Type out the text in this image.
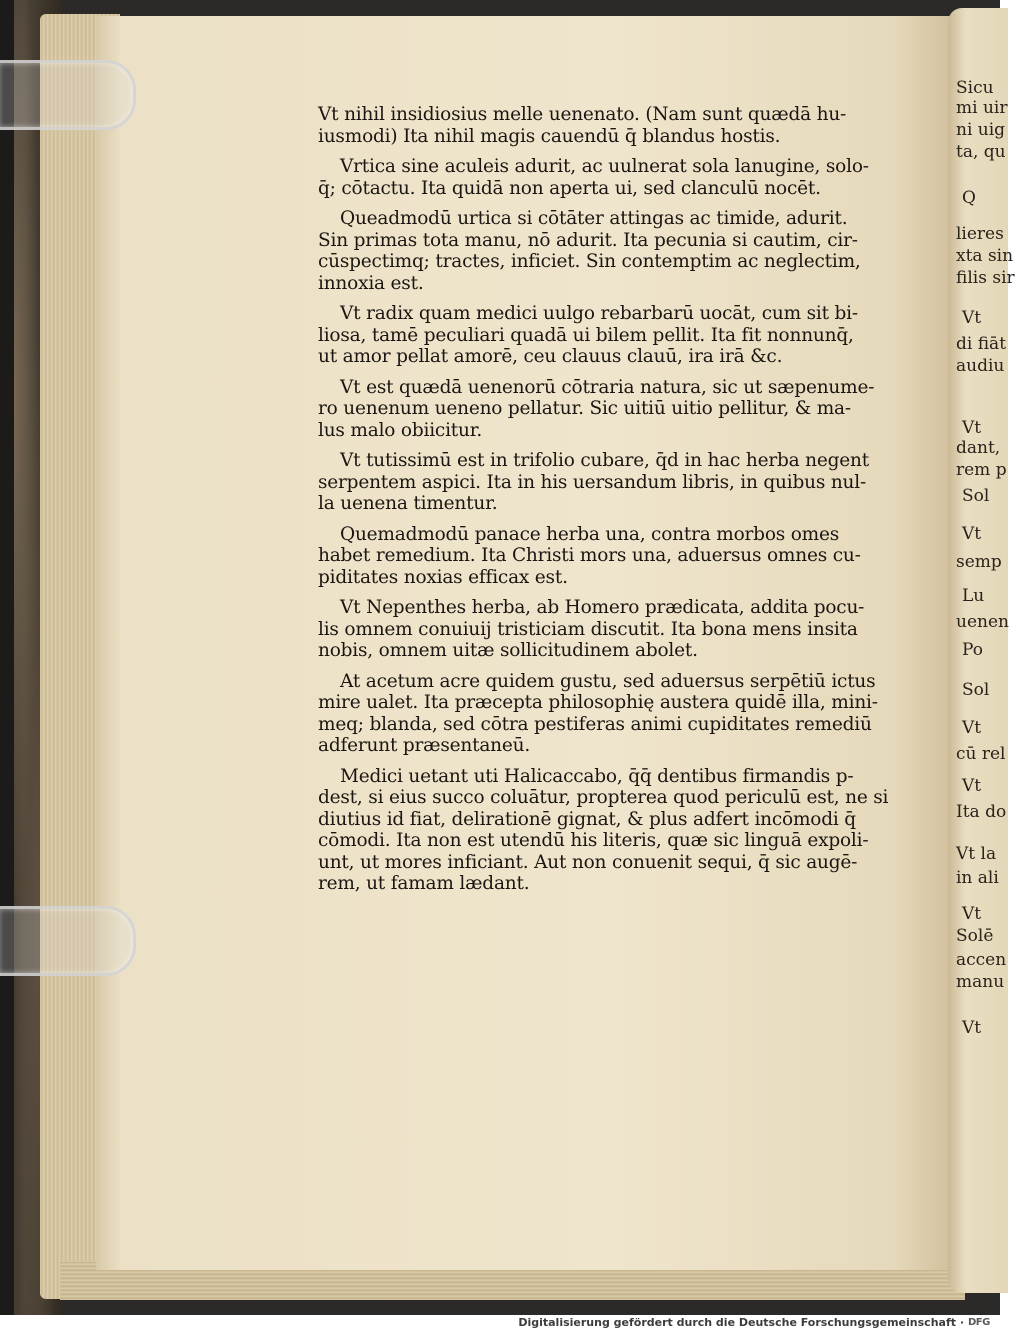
Sicu
mi uir
ni uig
ta, qu
Q
lieres
xta sin
filis sir
Vt
di fiāt
audiu
Vt
dant,
rem p
Sol
Vt
semp
Lu
uenen
Po
Sol
Vt
cū rel
Vt
Ita do
Vt la
in ali
Vt
Solē
accen
manu
Vt
Vt nihil insidiosius melle uenenato. (Nam sunt quædā hu-
iusmodi) Ita nihil magis cauendū q̄ blandus hostis.
Vrtica sine aculeis adurit, ac uulnerat sola lanugine, solo-
q̄; cōtactu. Ita quidā non aperta ui, sed clanculū nocēt.
Queadmodū urtica si cōtāter attingas ac timide, adurit.
Sin primas tota manu, nō adurit. Ita pecunia si cautim, cir-
cūspectimq; tractes, inficiet. Sin contemptim ac neglectim,
innoxia est.
Vt radix quam medici uulgo rebarbarū uocāt, cum sit bi-
liosa, tamē peculiari quadā ui bilem pellit. Ita fit nonnunq̄,
ut amor pellat amorē, ceu clauus clauū, ira irā &c.
Vt est quædā uenenorū cōtraria natura, sic ut sæpenume-
ro uenenum ueneno pellatur. Sic uitiū uitio pellitur, & ma-
lus malo obiicitur.
Vt tutissimū est in trifolio cubare, q̄d in hac herba negent
serpentem aspici. Ita in his uersandum libris, in quibus nul-
la uenena timentur.
Quemadmodū panace herba una, contra morbos omes
habet remedium. Ita Christi mors una, aduersus omnes cu-
piditates noxias efficax est.
Vt Nepenthes herba, ab Homero prædicata, addita pocu-
lis omnem conuiuij tristiciam discutit. Ita bona mens insita
nobis, omnem uitæ sollicitudinem abolet.
At acetum acre quidem gustu, sed aduersus serpētiū ictus
mire ualet. Ita præcepta philosophię austera quidē illa, mini-
meq; blanda, sed cōtra pestiferas animi cupiditates remediū
adferunt præsentaneū.
Medici uetant uti Halicaccabo, q̄q̄ dentibus firmandis p-
dest, si eius succo coluātur, propterea quod periculū est, ne si
diutius id fiat, delirationē gignat, & plus adfert incōmodi q̄
cōmodi. Ita non est utendū his literis, quæ sic linguā expoli-
unt, ut mores inficiant. Aut non conuenit sequi, q̄ sic augē-
rem, ut famam lædant.
Digitalisierung gefördert durch die Deutsche Forschungsgemeinschaft · DFG
